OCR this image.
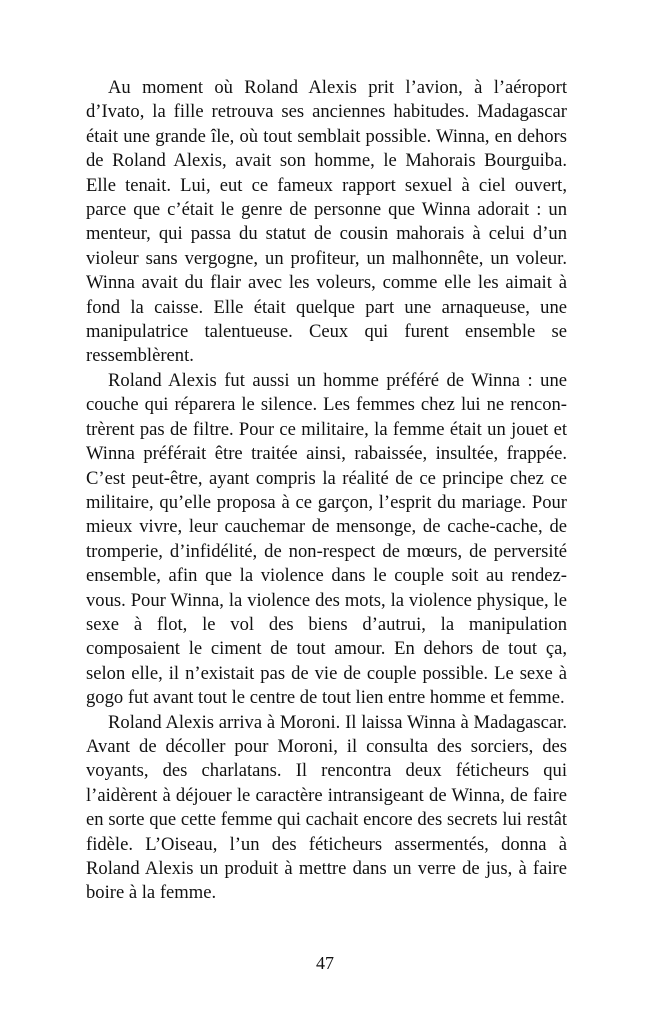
Au moment où Roland Alexis prit l’avion, à l’aéroport d’Ivato, la fille retrouva ses anciennes habitudes. Madagascar était une grande île, où tout semblait possible. Winna, en dehors de Roland Alexis, avait son homme, le Mahorais Bourguiba. Elle tenait. Lui, eut ce fameux rapport sexuel à ciel ouvert, parce que c’était le genre de personne que Winna adorait : un menteur, qui passa du statut de cousin mahorais à celui d’un violeur sans vergogne, un profiteur, un malhonnête, un voleur. Winna avait du flair avec les voleurs, comme elle les aimait à fond la caisse. Elle était quelque part une arnaqueuse, une manipulatrice talentueuse. Ceux qui furent ensemble se ressemblèrent.

Roland Alexis fut aussi un homme préféré de Winna : une couche qui réparera le silence. Les femmes chez lui ne rencontrèrent pas de filtre. Pour ce militaire, la femme était un jouet et Winna préférait être traitée ainsi, rabaissée, insultée, frappée. C’est peut-être, ayant compris la réalité de ce principe chez ce militaire, qu’elle proposa à ce garçon, l’esprit du mariage. Pour mieux vivre, leur cauchemar de mensonge, de cache-cache, de tromperie, d’infidélité, de non-respect de mœurs, de perversité ensemble, afin que la violence dans le couple soit au rendez-vous. Pour Winna, la violence des mots, la violence physique, le sexe à flot, le vol des biens d’autrui, la manipulation composaient le ciment de tout amour. En dehors de tout ça, selon elle, il n’existait pas de vie de couple possible. Le sexe à gogo fut avant tout le centre de tout lien entre homme et femme.

Roland Alexis arriva à Moroni. Il laissa Winna à Madagascar. Avant de décoller pour Moroni, il consulta des sorciers, des voyants, des charlatans. Il rencontra deux féticheurs qui l’aidèrent à déjouer le caractère intransigeant de Winna, de faire en sorte que cette femme qui cachait encore des secrets lui restât fidèle. L’Oiseau, l’un des féticheurs assermentés, donna à Roland Alexis un produit à mettre dans un verre de jus, à faire boire à la femme.

47
